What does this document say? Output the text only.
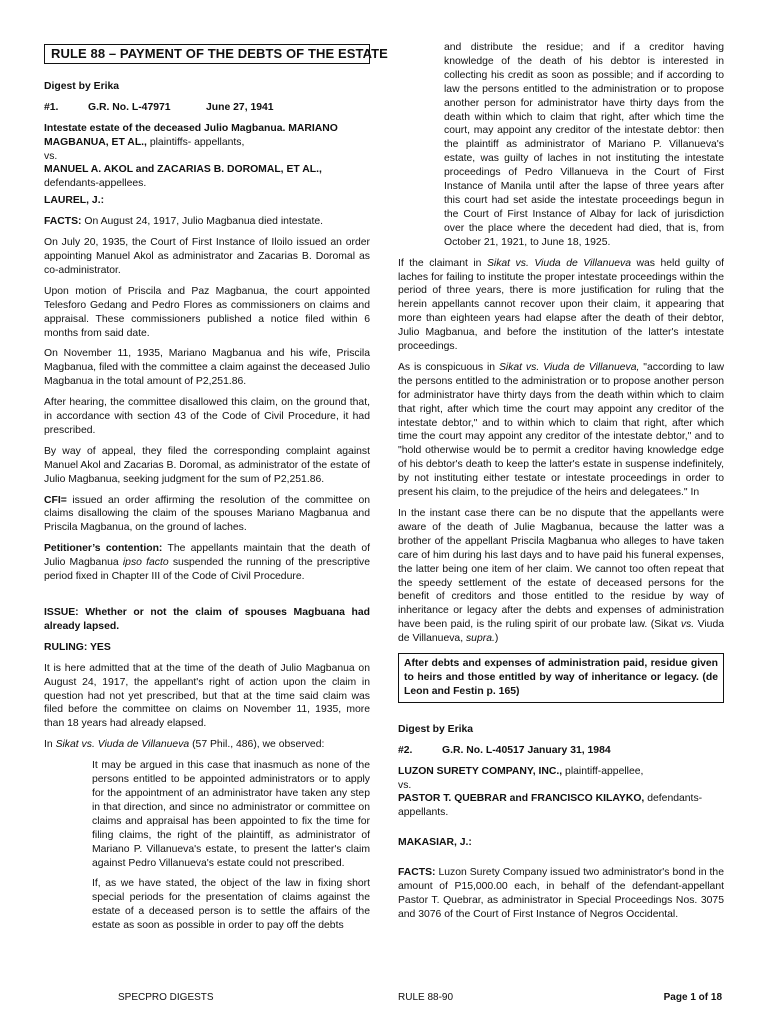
RULE 88 – PAYMENT OF THE DEBTS OF THE ESTATE

Digest by Erika

#1.	G.R. No. L-47971	June 27, 1941

Intestate estate of the deceased Julio Magbanua. MARIANO MAGBANUA, ET AL., plaintiffs- appellants,
vs.
MANUEL A. AKOL and ZACARIAS B. DOROMAL, ET AL., defendants-appellees.

LAUREL, J.:

FACTS: On August 24, 1917, Julio Magbanua died intestate.

On July 20, 1935, the Court of First Instance of Iloilo issued an order appointing Manuel Akol as administrator and Zacarias B. Doromal as co-administrator.

Upon motion of Priscila and Paz Magbanua, the court appointed Telesforo Gedang and Pedro Flores as commissioners on claims and appraisal. These commissioners published a notice filed within 6 months from said date.

On November 11, 1935, Mariano Magbanua and his wife, Priscila Magbanua, filed with the committee a claim against the deceased Julio Magbanua in the total amount of P2,251.86.

After hearing, the committee disallowed this claim, on the ground that, in accordance with section 43 of the Code of Civil Procedure, it had prescribed.

By way of appeal, they filed the corresponding complaint against Manuel Akol and Zacarias B. Doromal, as administrator of the estate of Julio Magbanua, seeking judgment for the sum of P2,251.86.

CFI= issued an order affirming the resolution of the committee on claims disallowing the claim of the spouses Mariano Magbanua and Priscila Magbanua, on the ground of laches.

Petitioner’s contention: The appellants maintain that the death of Julio Magbanua ipso facto suspended the running of the prescriptive period fixed in Chapter III of the Code of Civil Procedure.

ISSUE: Whether or not the claim of spouses Magbuana had already lapsed.

RULING: YES

It is here admitted that at the time of the death of Julio Magbanua on August 24, 1917, the appellant's right of action upon the claim in question had not yet prescribed, but that at the time said claim was filed before the committee on claims on November 11, 1935, more than 18 years had already elapsed.

In Sikat vs. Viuda de Villanueva (57 Phil., 486), we observed:

It may be argued in this case that inasmuch as none of the persons entitled to be appointed administrators or to apply for the appointment of an administrator have taken any step in that direction, and since no administrator or committee on claims and appraisal has been appointed to fix the time for filing claims, the right of the plaintiff, as administrator of Mariano P. Villanueva's estate, to present the latter's claim against Pedro Villanueva's estate could not prescribed.

If, as we have stated, the object of the law in fixing short special periods for the presentation of claims against the estate of a deceased person is to settle the affairs of the estate as soon as possible in order to pay off the debts

and distribute the residue; and if a creditor having knowledge of the death of his debtor is interested in collecting his credit as soon as possible; and if according to law the persons entitled to the administration or to propose another person for administrator have thirty days from the death within which to claim that right, after which time the court, may appoint any creditor of the intestate debtor: then the plaintiff as administrator of Mariano P. Villanueva's estate, was guilty of laches in not instituting the intestate proceedings of Pedro Villanueva in the Court of First Instance of Manila until after the lapse of three years after this court had set aside the intestate proceedings begun in the Court of First Instance of Albay for lack of jurisdiction over the place where the decedent had died, that is, from October 21, 1921, to June 18, 1925.

If the claimant in Sikat vs. Viuda de Villanueva was held guilty of laches for failing to institute the proper intestate proceedings within the period of three years, there is more justification for ruling that the herein appellants cannot recover upon their claim, it appearing that more than eighteen years had elapse after the death of their debtor, Julio Magbanua, and before the institution of the latter's intestate proceedings.

As is conspicuous in Sikat vs. Viuda de Villanueva, "according to law the persons entitled to the administration or to propose another person for administrator have thirty days from the death within which to claim that right, after which time the court may appoint any creditor of the intestate debtor," and to within which to claim that right, after which time the court may appoint any creditor of the intestate debtor," and to "hold otherwise would be to permit a creditor having knowledge edge of his debtor's death to keep the latter's estate in suspense indefinitely, by not instituting either testate or intestate proceedings in order to present his claim, to the prejudice of the heirs and delegatees." In

In the instant case there can be no dispute that the appellants were aware of the death of Julie Magbanua, because the latter was a brother of the appellant Priscila Magbanua who alleges to have taken care of him during his last days and to have paid his funeral expenses, the latter being one item of her claim. We cannot too often repeat that the speedy settlement of the estate of deceased persons for the benefit of creditors and those entitled to the residue by way of inheritance or legacy after the debts and expenses of administration have been paid, is the ruling spirit of our probate law. (Sikat vs. Viuda de Villanueva, supra.)

After debts and expenses of administration paid, residue given to heirs and those entitled by way of inheritance or legacy. (de Leon and Festin p. 165)

Digest by Erika

#2.	G.R. No. L-40517 January 31, 1984

LUZON SURETY COMPANY, INC., plaintiff-appellee,
vs.
PASTOR T. QUEBRAR and FRANCISCO KILAYKO, defendants-appellants.

MAKASIAR, J.:

FACTS: Luzon Surety Company issued two administrator's bond in the amount of P15,000.00 each, in behalf of the defendant-appellant Pastor T. Quebrar, as administrator in Special Proceedings Nos. 3075 and 3076 of the Court of First Instance of Negros Occidental.

SPECPRO DIGESTS	RULE 88-90	Page 1 of 18
